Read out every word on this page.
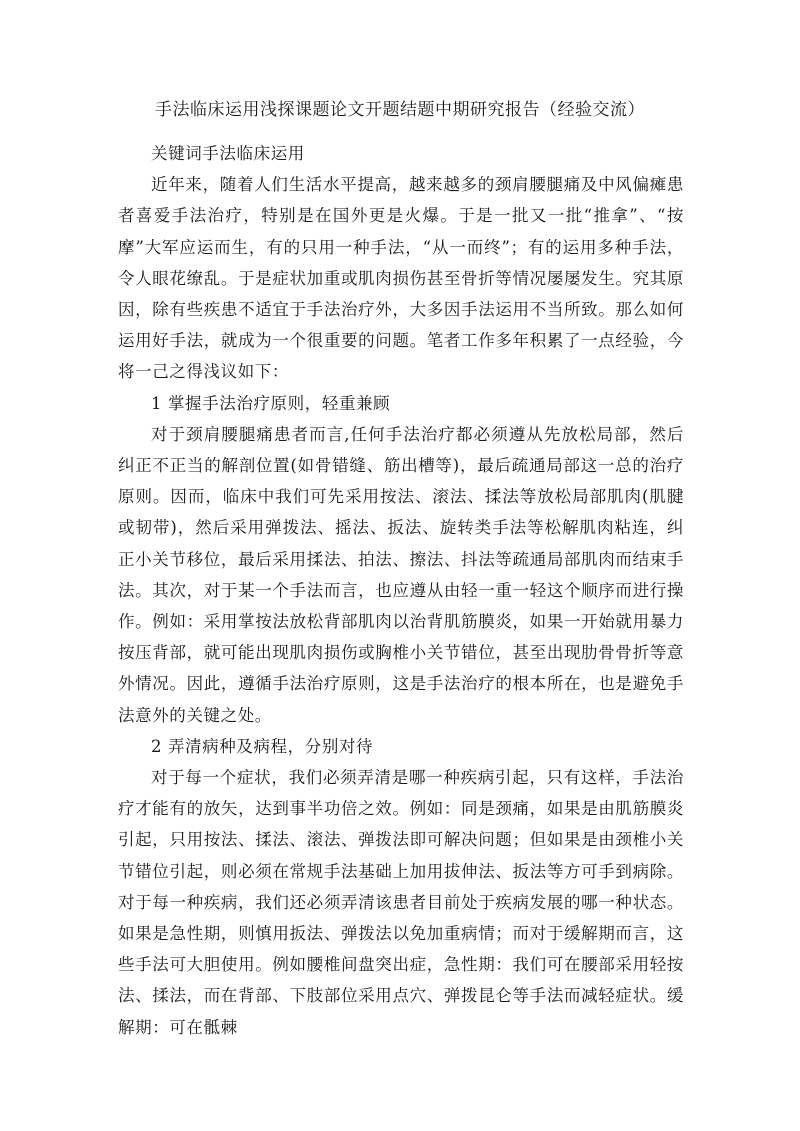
手法临床运用浅探课题论文开题结题中期研究报告（经验交流）

关键词手法临床运用

近年来，随着人们生活水平提高，越来越多的颈肩腰腿痛及中风偏瘫患者喜爱手法治疗，特别是在国外更是火爆。于是一批又一批“推拿”、“按摩”大军应运而生，有的只用一种手法，“从一而终”；有的运用多种手法，令人眼花缭乱。于是症状加重或肌肉损伤甚至骨折等情况屡屡发生。究其原因，除有些疾患不适宜于手法治疗外，大多因手法运用不当所致。那么如何运用好手法，就成为一个很重要的问题。笔者工作多年积累了一点经验，今将一己之得浅议如下：

1 掌握手法治疗原则，轻重兼顾

对于颈肩腰腿痛患者而言,任何手法治疗都必须遵从先放松局部，然后纠正不正当的解剖位置(如骨错缝、筋出槽等)，最后疏通局部这一总的治疗原则。因而，临床中我们可先采用按法、滚法、揉法等放松局部肌肉(肌腱或韧带)，然后采用弹拨法、摇法、扳法、旋转类手法等松解肌肉粘连，纠正小关节移位，最后采用揉法、拍法、擦法、抖法等疏通局部肌肉而结束手法。其次，对于某一个手法而言，也应遵从由轻一重一轻这个顺序而进行操作。例如：采用掌按法放松背部肌肉以治背肌筋膜炎，如果一开始就用暴力按压背部，就可能出现肌肉损伤或胸椎小关节错位，甚至出现肋骨骨折等意外情况。因此，遵循手法治疗原则，这是手法治疗的根本所在，也是避免手法意外的关键之处。

2 弄清病种及病程，分别对待

对于每一个症状，我们必须弄清是哪一种疾病引起，只有这样，手法治疗才能有的放矢，达到事半功倍之效。例如：同是颈痛，如果是由肌筋膜炎引起，只用按法、揉法、滚法、弹拨法即可解决问题；但如果是由颈椎小关节错位引起，则必须在常规手法基础上加用拔伸法、扳法等方可手到病除。对于每一种疾病，我们还必须弄清该患者目前处于疾病发展的哪一种状态。如果是急性期，则慎用扳法、弹拨法以免加重病情；而对于缓解期而言，这些手法可大胆使用。例如腰椎间盘突出症，急性期：我们可在腰部采用轻按法、揉法，而在背部、下肢部位采用点穴、弹拨昆仑等手法而减轻症状。缓解期：可在骶棘
